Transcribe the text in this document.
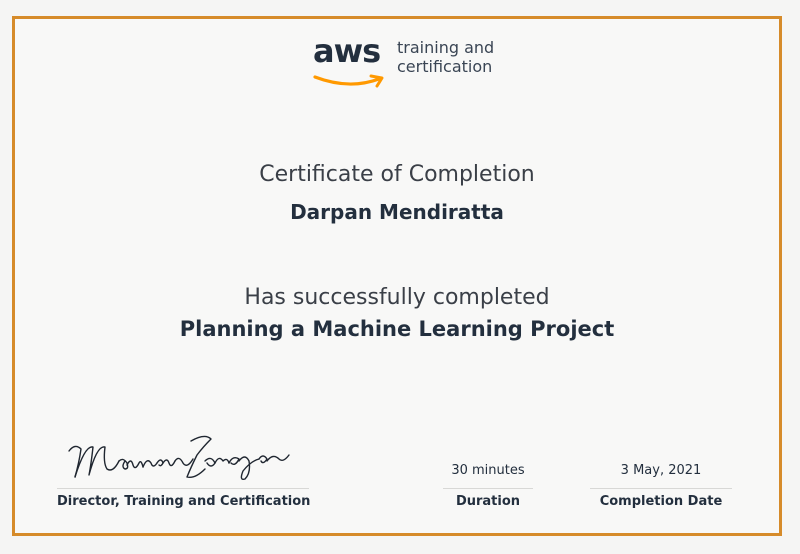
aws training and
certification
Certificate of Completion
Darpan Mendiratta
Has successfully completed
Planning a Machine Learning Project
Director, Training and Certification
30 minutes
Duration
3 May, 2021
Completion Date
